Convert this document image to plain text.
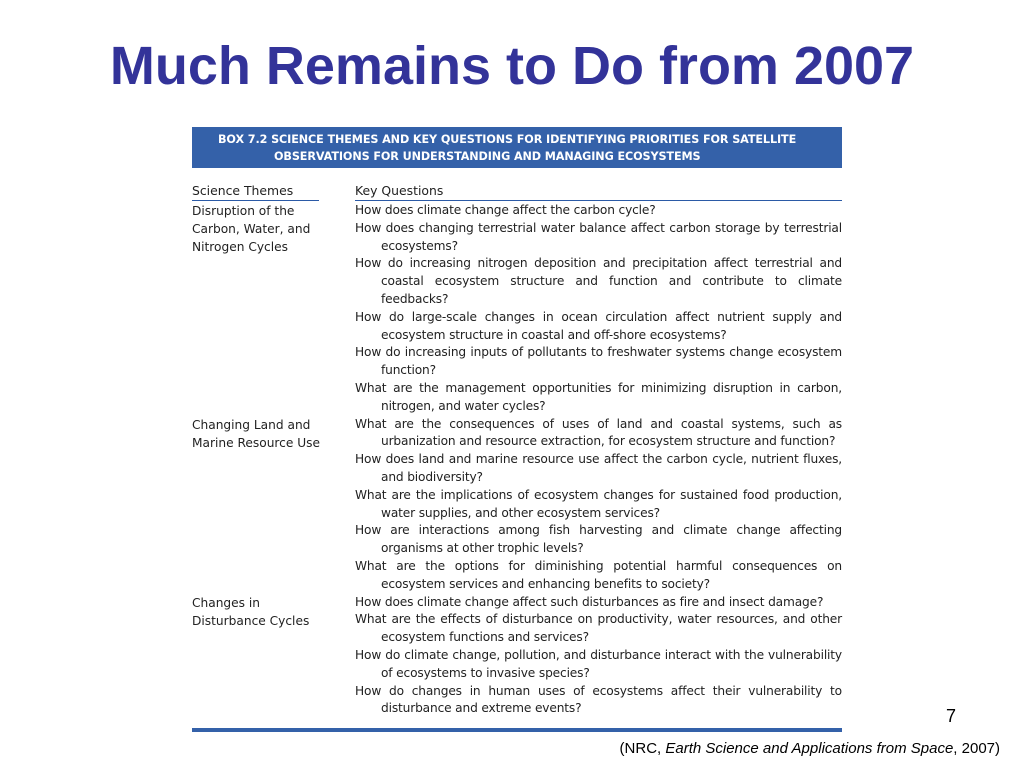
Much Remains to Do from 2007
BOX 7.2 SCIENCE THEMES AND KEY QUESTIONS FOR IDENTIFYING PRIORITIES FOR SATELLITE
OBSERVATIONS FOR UNDERSTANDING AND MANAGING ECOSYSTEMS
Science Themes	Key Questions
Disruption of the
Carbon, Water, and
Nitrogen Cycles
How does climate change affect the carbon cycle?
How does changing terrestrial water balance affect carbon storage by terrestrial ecosystems?
How do increasing nitrogen deposition and precipitation affect terrestrial and coastal ecosystem structure and function and contribute to climate feedbacks?
How do large-scale changes in ocean circulation affect nutrient supply and ecosystem structure in coastal and off-shore ecosystems?
How do increasing inputs of pollutants to freshwater systems change ecosystem function?
What are the management opportunities for minimizing disruption in carbon, nitrogen, and water cycles?
Changing Land and
Marine Resource Use
What are the consequences of uses of land and coastal systems, such as urbanization and resource extraction, for ecosystem structure and function?
How does land and marine resource use affect the carbon cycle, nutrient fluxes, and biodiversity?
What are the implications of ecosystem changes for sustained food production, water supplies, and other ecosystem services?
How are interactions among fish harvesting and climate change affecting organisms at other trophic levels?
What are the options for diminishing potential harmful consequences on ecosystem services and enhancing benefits to society?
Changes in
Disturbance Cycles
How does climate change affect such disturbances as fire and insect damage?
What are the effects of disturbance on productivity, water resources, and other ecosystem functions and services?
How do climate change, pollution, and disturbance interact with the vulnerability of ecosystems to invasive species?
How do changes in human uses of ecosystems affect their vulnerability to disturbance and extreme events?	7
(NRC, Earth Science and Applications from Space, 2007)
